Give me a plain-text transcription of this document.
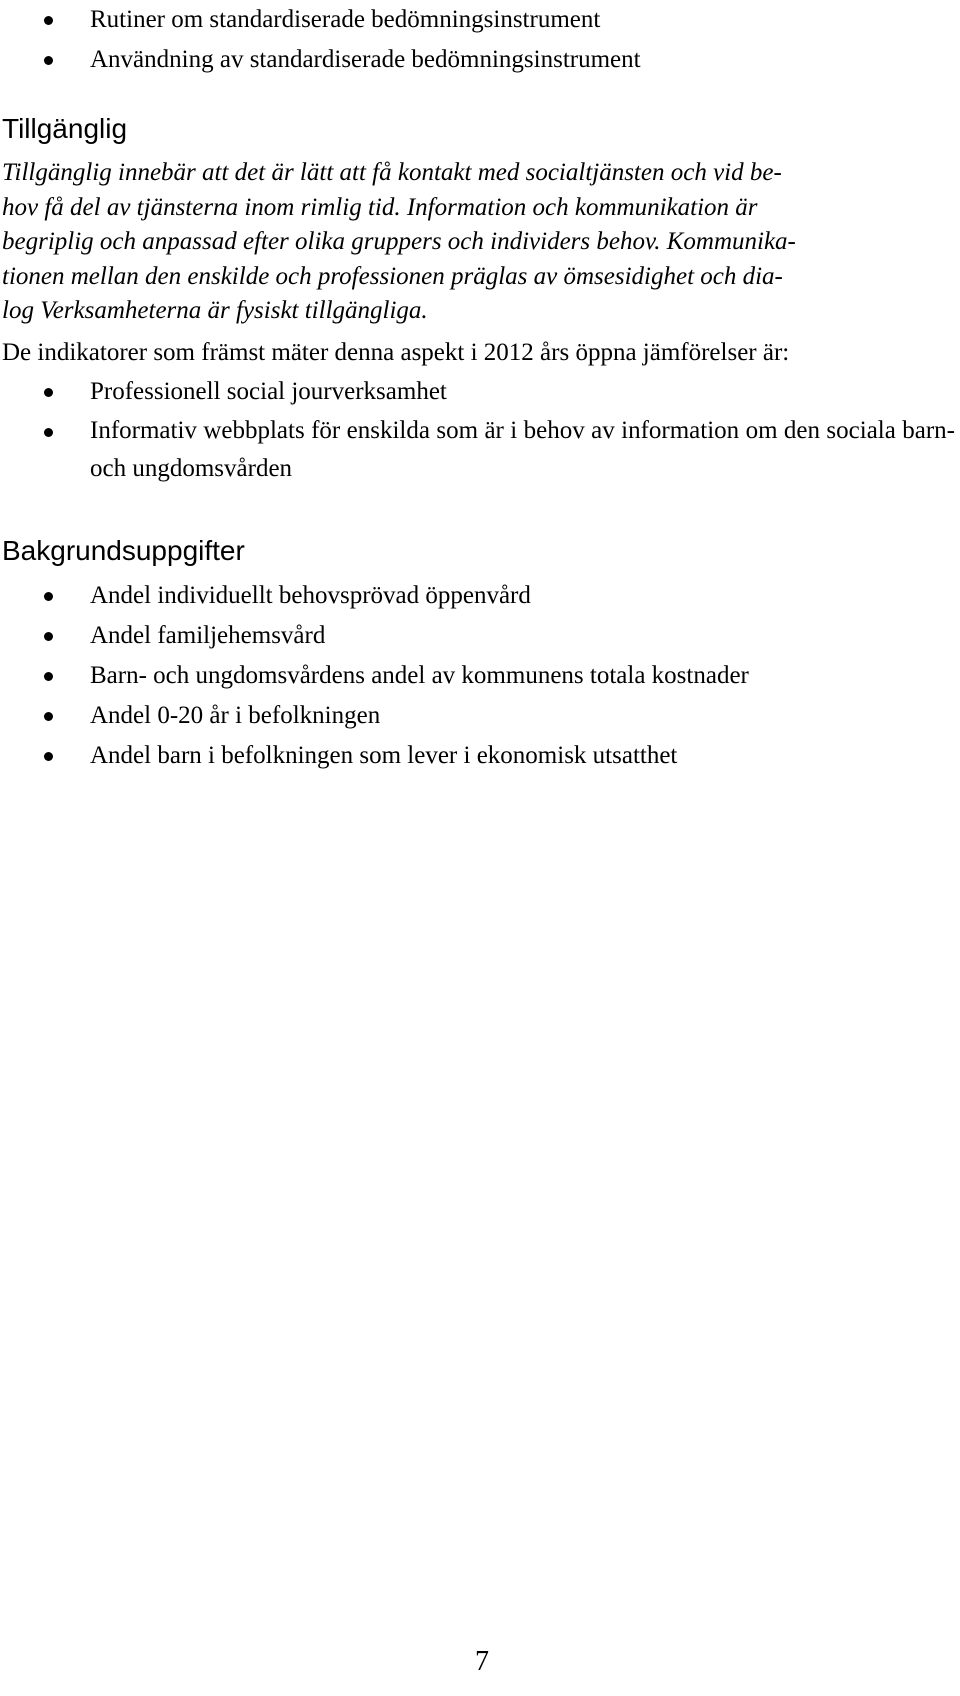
Rutiner om standardiserade bedömningsinstrument
Användning av standardiserade bedömningsinstrument
Tillgänglig

Tillgänglig innebär att det är lätt att få kontakt med socialtjänsten och vid be-
hov få del av tjänsterna inom rimlig tid. Information och kommunikation är
begriplig och anpassad efter olika gruppers och individers behov. Kommunika-
tionen mellan den enskilde och professionen präglas av ömsesidighet och dia-
log Verksamheterna är fysiskt tillgängliga.

De indikatorer som främst mäter denna aspekt i 2012 års öppna jämförelser är:

Professionell social jourverksamhet
Informativ webbplats för enskilda som är i behov av information om den sociala barn- och ungdomsvården
Bakgrundsuppgifter
Andel individuellt behovsprövad öppenvård
Andel familjehemsvård
Barn- och ungdomsvårdens andel av kommunens totala kostnader
Andel 0-20 år i befolkningen
Andel barn i befolkningen som lever i ekonomisk utsatthet
7
